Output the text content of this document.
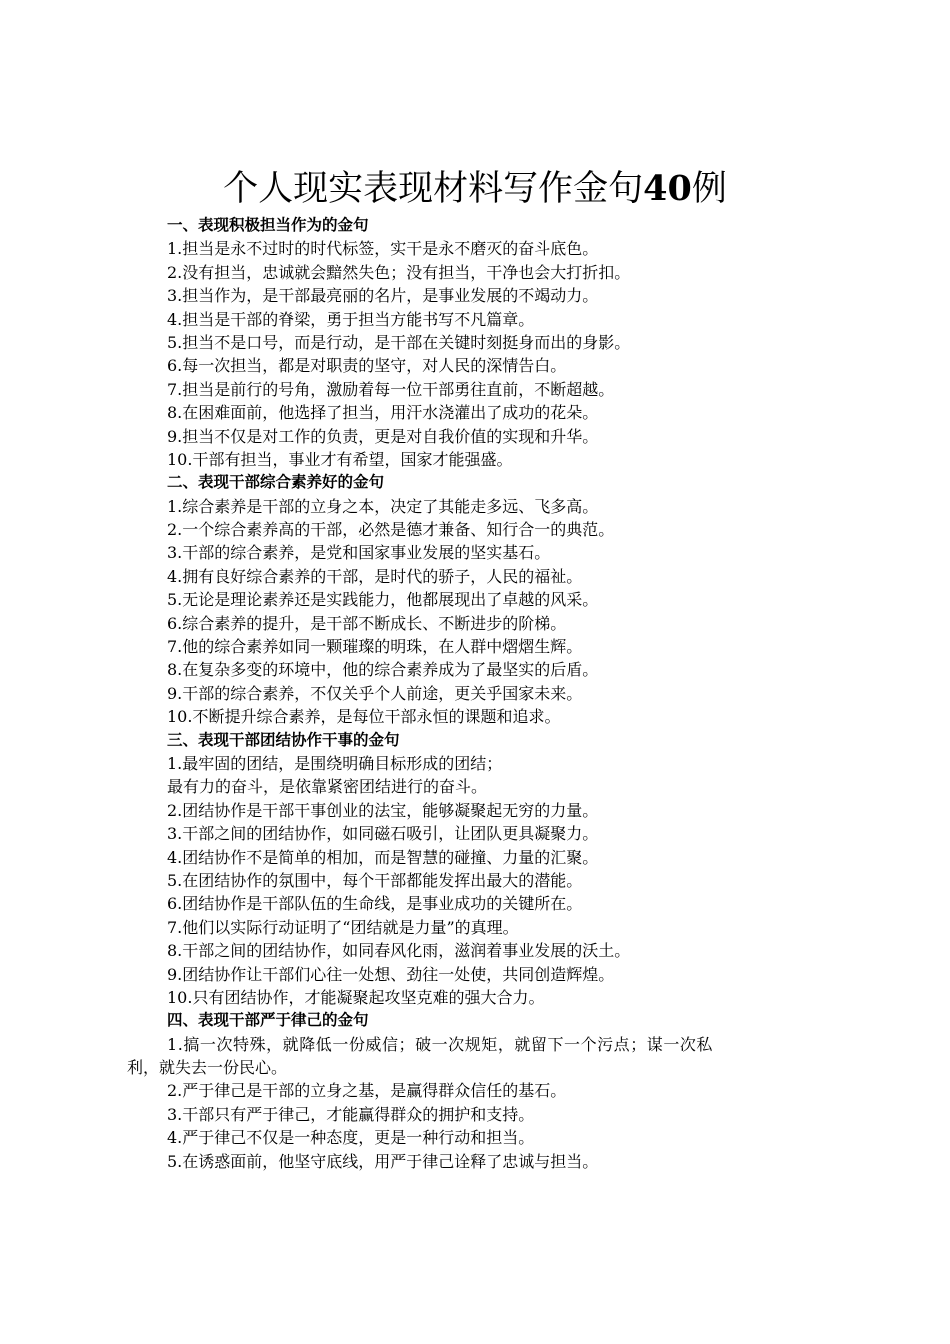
个人现实表现材料写作金句40例
一、表现积极担当作为的金句
1.担当是永不过时的时代标签，实干是永不磨灭的奋斗底色。
2.没有担当，忠诚就会黯然失色；没有担当，干净也会大打折扣。
3.担当作为，是干部最亮丽的名片，是事业发展的不竭动力。
4.担当是干部的脊梁，勇于担当方能书写不凡篇章。
5.担当不是口号，而是行动，是干部在关键时刻挺身而出的身影。
6.每一次担当，都是对职责的坚守，对人民的深情告白。
7.担当是前行的号角，激励着每一位干部勇往直前，不断超越。
8.在困难面前，他选择了担当，用汗水浇灌出了成功的花朵。
9.担当不仅是对工作的负责，更是对自我价值的实现和升华。
10.干部有担当，事业才有希望，国家才能强盛。
二、表现干部综合素养好的金句
1.综合素养是干部的立身之本，决定了其能走多远、飞多高。
2.一个综合素养高的干部，必然是德才兼备、知行合一的典范。
3.干部的综合素养，是党和国家事业发展的坚实基石。
4.拥有良好综合素养的干部，是时代的骄子，人民的福祉。
5.无论是理论素养还是实践能力，他都展现出了卓越的风采。
6.综合素养的提升，是干部不断成长、不断进步的阶梯。
7.他的综合素养如同一颗璀璨的明珠，在人群中熠熠生辉。
8.在复杂多变的环境中，他的综合素养成为了最坚实的后盾。
9.干部的综合素养，不仅关乎个人前途，更关乎国家未来。
10.不断提升综合素养，是每位干部永恒的课题和追求。
三、表现干部团结协作干事的金句
1.最牢固的团结，是围绕明确目标形成的团结；
最有力的奋斗，是依靠紧密团结进行的奋斗。
2.团结协作是干部干事创业的法宝，能够凝聚起无穷的力量。
3.干部之间的团结协作，如同磁石吸引，让团队更具凝聚力。
4.团结协作不是简单的相加，而是智慧的碰撞、力量的汇聚。
5.在团结协作的氛围中，每个干部都能发挥出最大的潜能。
6.团结协作是干部队伍的生命线，是事业成功的关键所在。
7.他们以实际行动证明了“团结就是力量”的真理。
8.干部之间的团结协作，如同春风化雨，滋润着事业发展的沃土。
9.团结协作让干部们心往一处想、劲往一处使，共同创造辉煌。
10.只有团结协作，才能凝聚起攻坚克难的强大合力。
四、表现干部严于律己的金句
1.搞一次特殊，就降低一份威信；破一次规矩，就留下一个污点；谋一次私
利，就失去一份民心。
2.严于律己是干部的立身之基，是赢得群众信任的基石。
3.干部只有严于律己，才能赢得群众的拥护和支持。
4.严于律己不仅是一种态度，更是一种行动和担当。
5.在诱惑面前，他坚守底线，用严于律己诠释了忠诚与担当。
